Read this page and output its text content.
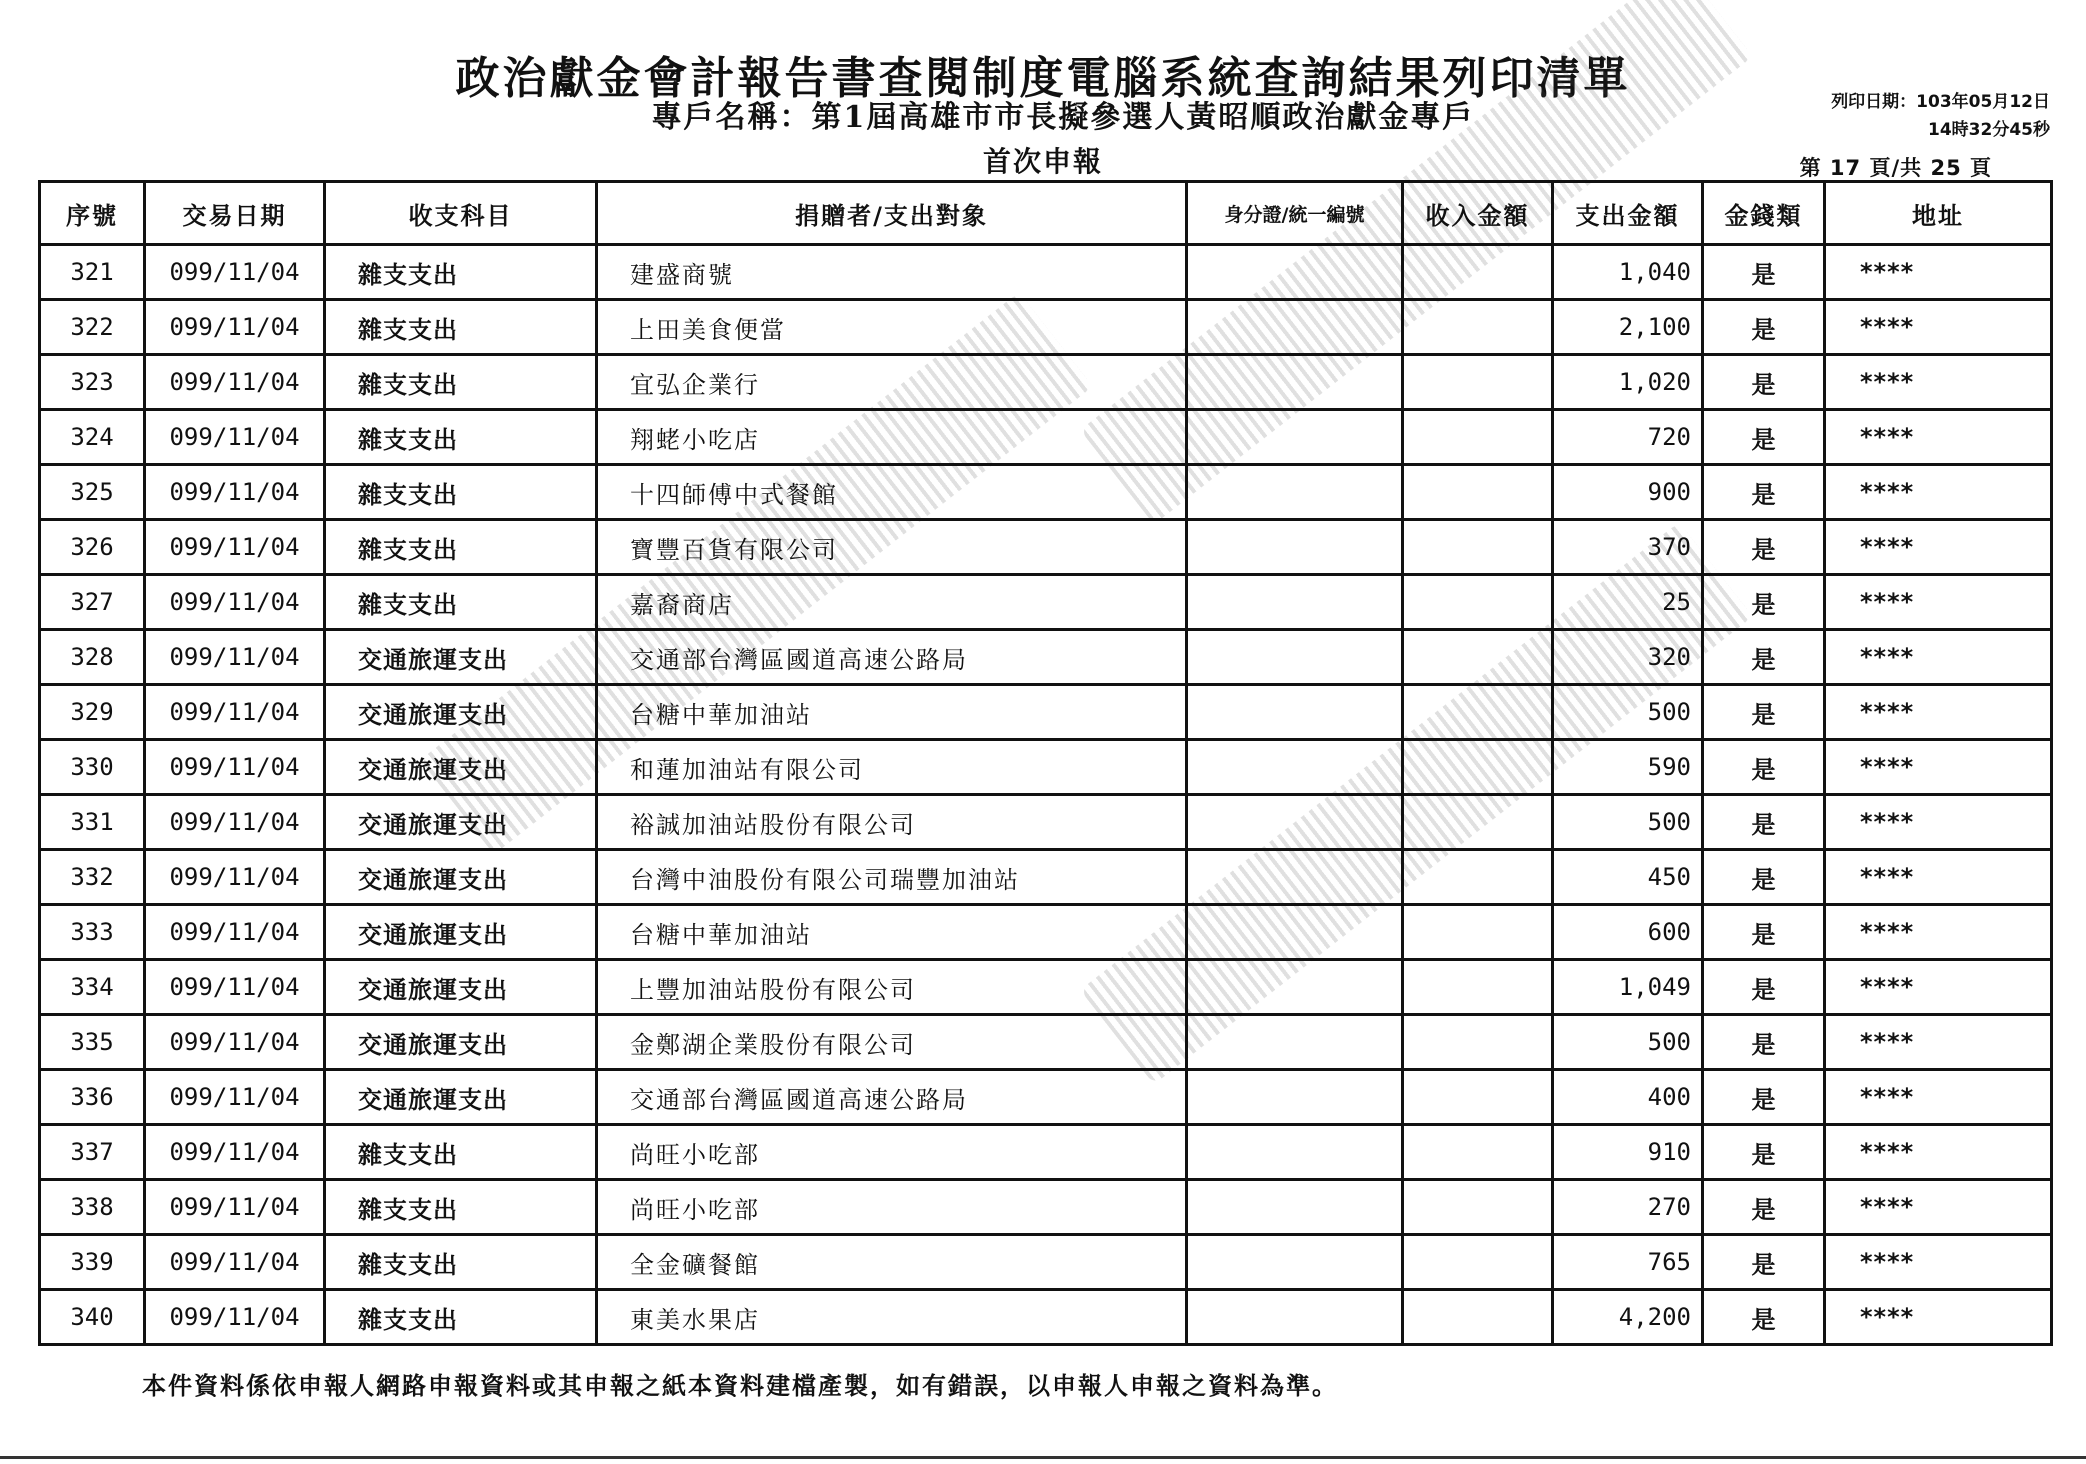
政治獻金會計報告書查閱制度電腦系統查詢結果列印清單
專戶名稱：第1屆高雄市市長擬參選人黃昭順政治獻金專戶
首次申報
列印日期：103年05月12日
14時32分45秒
第 17 頁/共 25 頁
序號	交易日期	收支科目	捐贈者/支出對象	身分證/統一編號	收入金額	支出金額	金錢類	地址
321	099/11/04	雜支支出	建盛商號			1,040	是	****
322	099/11/04	雜支支出	上田美食便當			2,100	是	****
323	099/11/04	雜支支出	宜弘企業行			1,020	是	****
324	099/11/04	雜支支出	翔蛯小吃店			720	是	****
325	099/11/04	雜支支出	十四師傅中式餐館			900	是	****
326	099/11/04	雜支支出	寶豐百貨有限公司			370	是	****
327	099/11/04	雜支支出	嘉裔商店			25	是	****
328	099/11/04	交通旅運支出	交通部台灣區國道高速公路局			320	是	****
329	099/11/04	交通旅運支出	台糖中華加油站			500	是	****
330	099/11/04	交通旅運支出	和蓮加油站有限公司			590	是	****
331	099/11/04	交通旅運支出	裕誠加油站股份有限公司			500	是	****
332	099/11/04	交通旅運支出	台灣中油股份有限公司瑞豐加油站			450	是	****
333	099/11/04	交通旅運支出	台糖中華加油站			600	是	****
334	099/11/04	交通旅運支出	上豐加油站股份有限公司			1,049	是	****
335	099/11/04	交通旅運支出	金鄭湖企業股份有限公司			500	是	****
336	099/11/04	交通旅運支出	交通部台灣區國道高速公路局			400	是	****
337	099/11/04	雜支支出	尚旺小吃部			910	是	****
338	099/11/04	雜支支出	尚旺小吃部			270	是	****
339	099/11/04	雜支支出	全金礦餐館			765	是	****
340	099/11/04	雜支支出	東美水果店			4,200	是	****
本件資料係依申報人網路申報資料或其申報之紙本資料建檔產製，如有錯誤，以申報人申報之資料為準。
